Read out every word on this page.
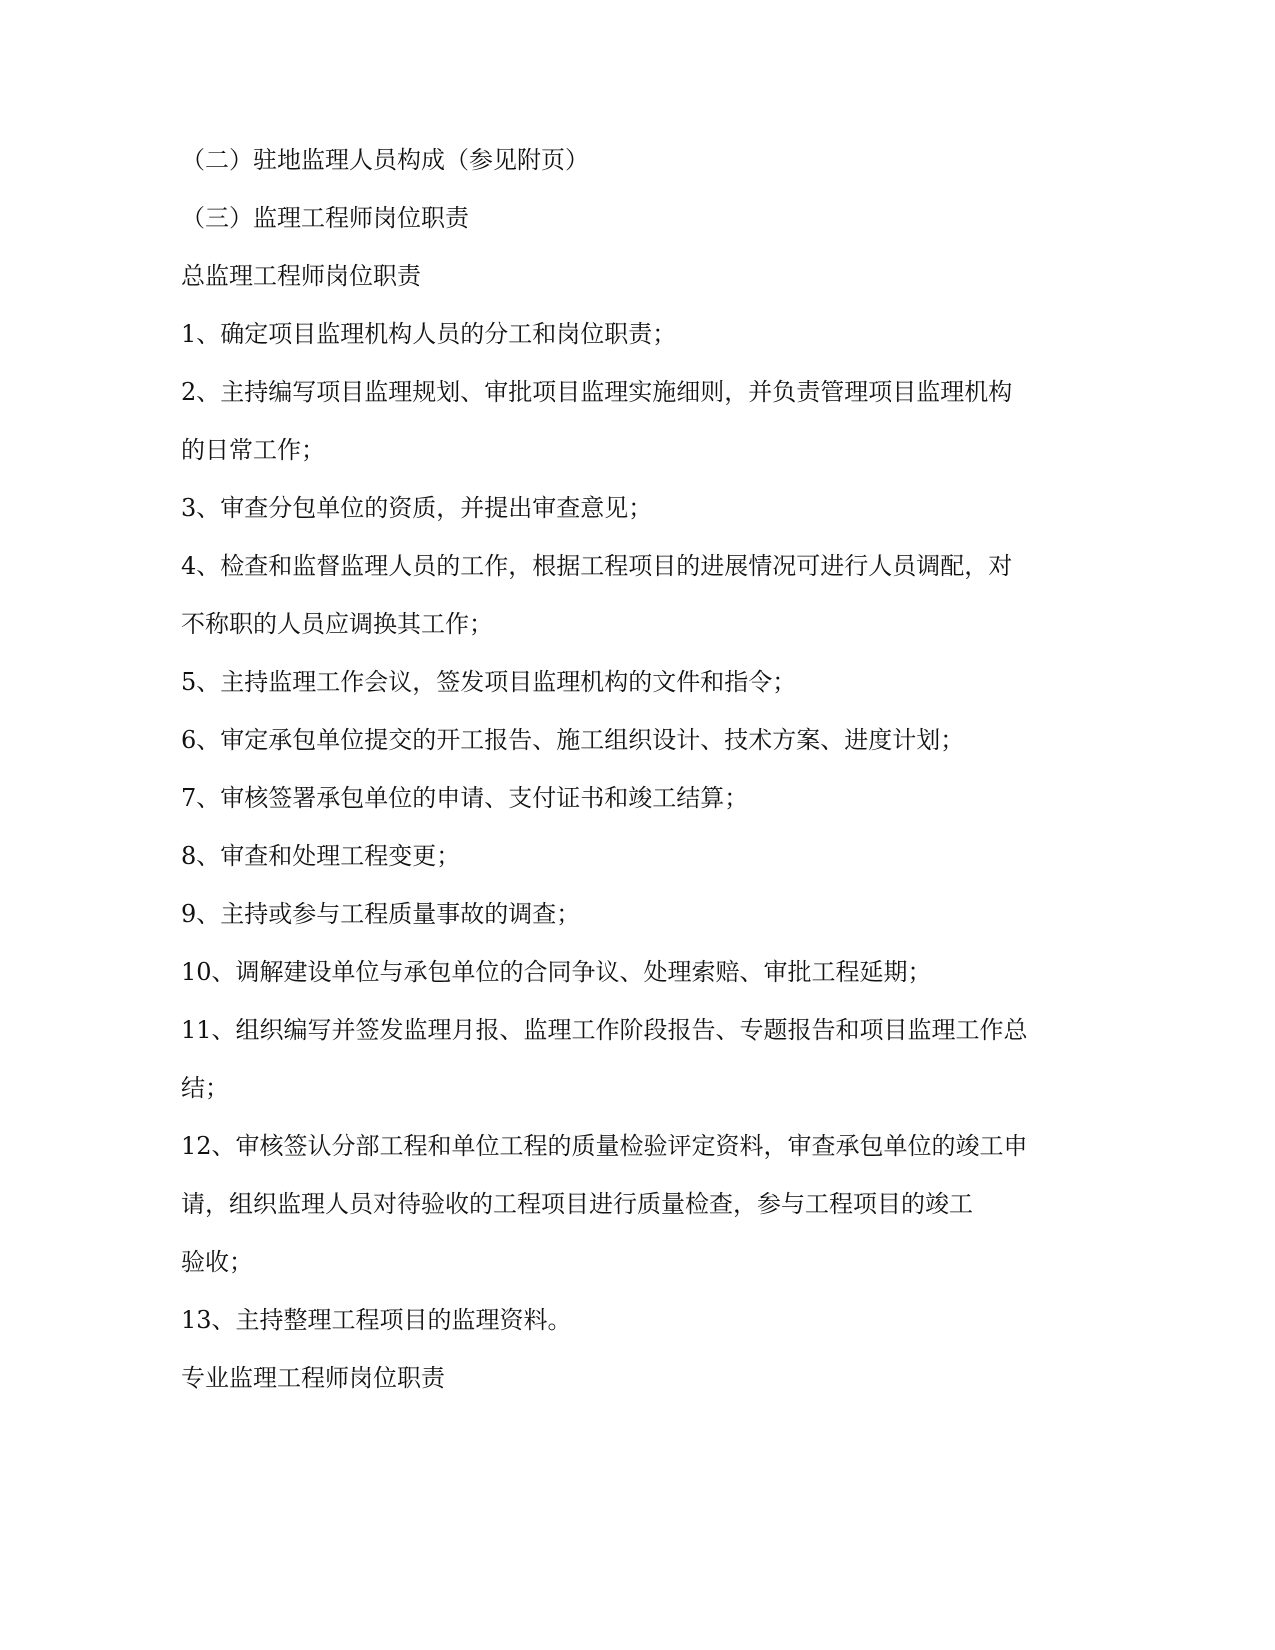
（二）驻地监理人员构成（参见附页）
（三）监理工程师岗位职责
总监理工程师岗位职责
1、确定项目监理机构人员的分工和岗位职责；
2、主持编写项目监理规划、审批项目监理实施细则，并负责管理项目监理机构
的日常工作；
3、审查分包单位的资质，并提出审查意见；
4、检查和监督监理人员的工作，根据工程项目的进展情况可进行人员调配，对
不称职的人员应调换其工作；
5、主持监理工作会议，签发项目监理机构的文件和指令；
6、审定承包单位提交的开工报告、施工组织设计、技术方案、进度计划；
7、审核签署承包单位的申请、支付证书和竣工结算；
8、审查和处理工程变更；
9、主持或参与工程质量事故的调查；
10、调解建设单位与承包单位的合同争议、处理索赔、审批工程延期；
11、组织编写并签发监理月报、监理工作阶段报告、专题报告和项目监理工作总
结；
12、审核签认分部工程和单位工程的质量检验评定资料，审查承包单位的竣工申
请，组织监理人员对待验收的工程项目进行质量检查，参与工程项目的竣工
验收；
13、主持整理工程项目的监理资料。
专业监理工程师岗位职责
